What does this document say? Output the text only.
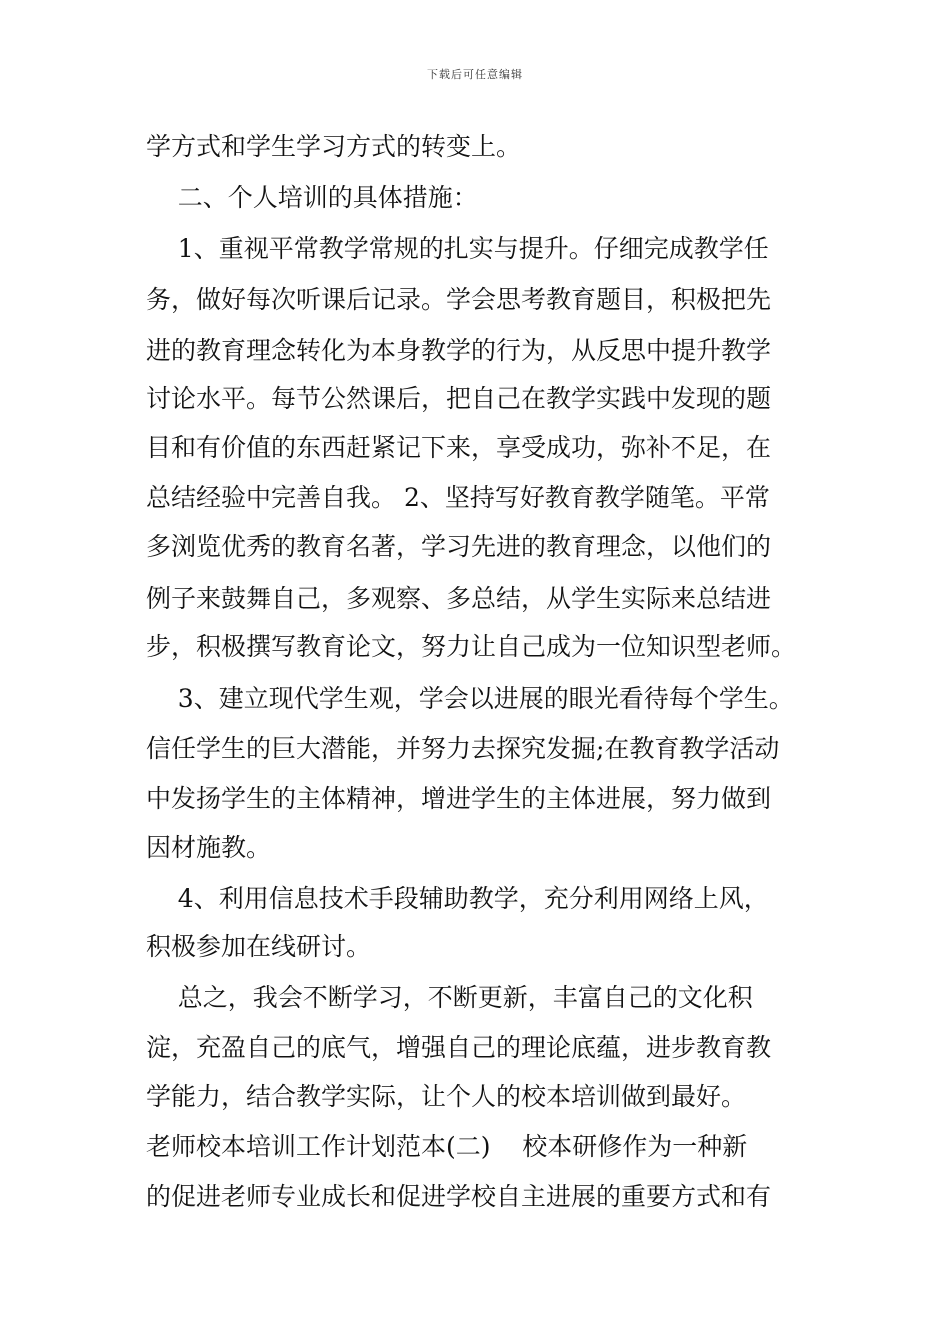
下载后可任意编辑
学方式和学生学习方式的转变上。
二、个人培训的具体措施：
1、重视平常教学常规的扎实与提升。仔细完成教学任
务，做好每次听课后记录。学会思考教育题目，积极把先
进的教育理念转化为本身教学的行为，从反思中提升教学
讨论水平。每节公然课后，把自己在教学实践中发现的题
目和有价值的东西赶紧记下来，享受成功，弥补不足，在
总结经验中完善自我。 2、坚持写好教育教学随笔。平常
多浏览优秀的教育名著，学习先进的教育理念，以他们的
例子来鼓舞自己，多观察、多总结，从学生实际来总结进
步，积极撰写教育论文，努力让自己成为一位知识型老师。
3、建立现代学生观，学会以进展的眼光看待每个学生。
信任学生的巨大潜能，并努力去探究发掘;在教育教学活动
中发扬学生的主体精神，增进学生的主体进展，努力做到
因材施教。
4、利用信息技术手段辅助教学，充分利用网络上风，
积极参加在线研讨。
总之，我会不断学习，不断更新，丰富自己的文化积
淀，充盈自己的底气，增强自己的理论底蕴，进步教育教
学能力，结合教学实际，让个人的校本培训做到最好。
老师校本培训工作计划范本(二)    校本研修作为一种新
的促进老师专业成长和促进学校自主进展的重要方式和有
